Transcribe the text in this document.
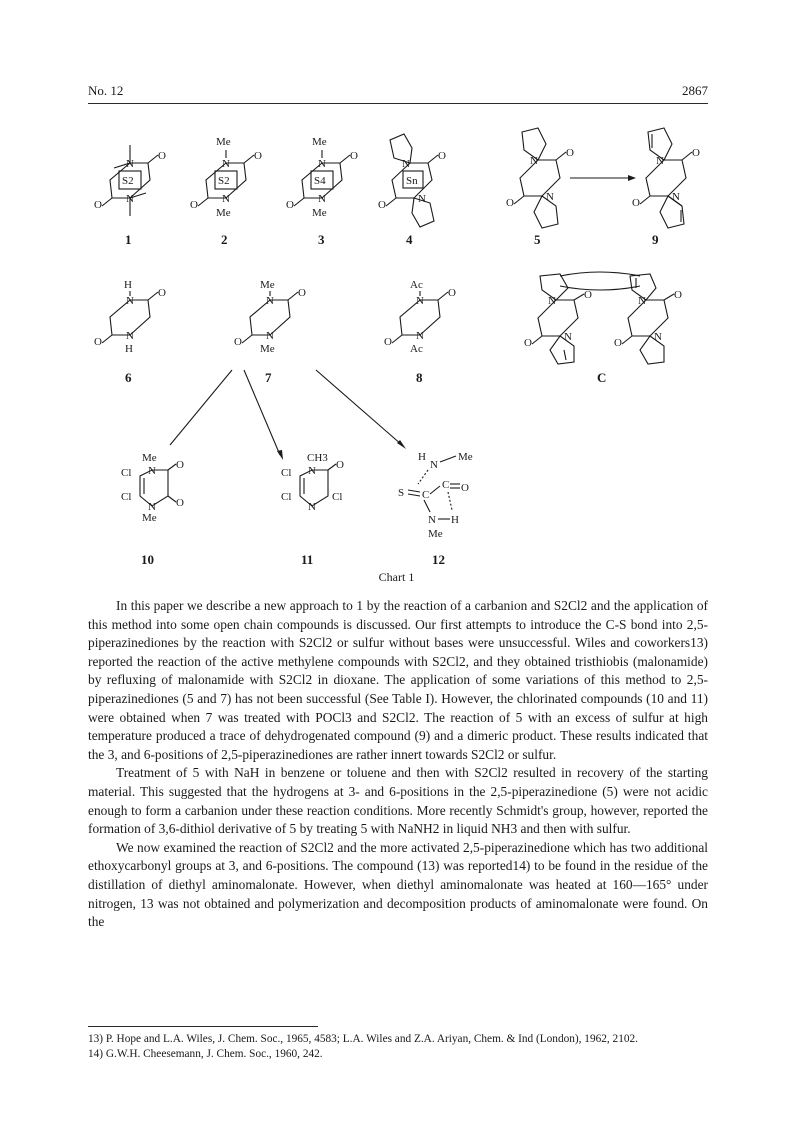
No. 12	2867
N
O
O N
S2
1
Me
N
O
O N
S2
Me
2
Me
N
O
O N
S4
Me
3
N
O
O	N
Sn
4
N
O
O	N
5
N
O
O	N
9
H
N
O
O N
H
6
Me
N
O
O N
Me
7
Ac
N
O
O N
Ac
8
N	O
O	N
N	O
O	N
C
Me
N O
N O
Cl
Cl
Me
10
CH3
N O
N
Cl
Cl	Cl
11
H
N
Me
S C
C O
N H
Me
12
Chart 1

In this paper we describe a new approach to 1 by the reaction of a carbanion and S2Cl2 and the application of this method into some open chain compounds is discussed. Our first attempts to introduce the C-S bond into 2,5-piperazinediones by the reaction with S2Cl2 or sulfur without bases were unsuccessful. Wiles and coworkers13) reported the reaction of the active methylene compounds with S2Cl2, and they obtained tristhiobis (malonamide) by refluxing of malonamide with S2Cl2 in dioxane. The application of some variations of this method to 2,5-piperazinediones (5 and 7) has not been successful (See Table I). However, the chlorinated compounds (10 and 11) were obtained when 7 was treated with POCl3 and S2Cl2. The reaction of 5 with an excess of sulfur at high temperature produced a trace of dehydrogenated compound (9) and a dimeric product. These results indicated that the 3, and 6-positions of 2,5-piperazinediones are rather innert towards S2Cl2 or sulfur.

Treatment of 5 with NaH in benzene or toluene and then with S2Cl2 resulted in recovery of the starting material. This suggested that the hydrogens at 3- and 6-positions in the 2,5-piperazinedione (5) were not acidic enough to form a carbanion under these reaction conditions. More recently Schmidt's group, however, reported the formation of 3,6-dithiol derivative of 5 by treating 5 with NaNH2 in liquid NH3 and then with sulfur.

We now examined the reaction of S2Cl2 and the more activated 2,5-piperazinedione which has two additional ethoxycarbonyl groups at 3, and 6-positions. The compound (13) was reported14) to be found in the residue of the distillation of diethyl aminomalonate. However, when diethyl aminomalonate was heated at 160—165° under nitrogen, 13 was not obtained and polymerization and decomposition products of aminomalonate were found. On the

13) P. Hope and L.A. Wiles, J. Chem. Soc., 1965, 4583; L.A. Wiles and Z.A. Ariyan, Chem. & Ind (London), 1962, 2102.

14) G.W.H. Cheesemann, J. Chem. Soc., 1960, 242.
